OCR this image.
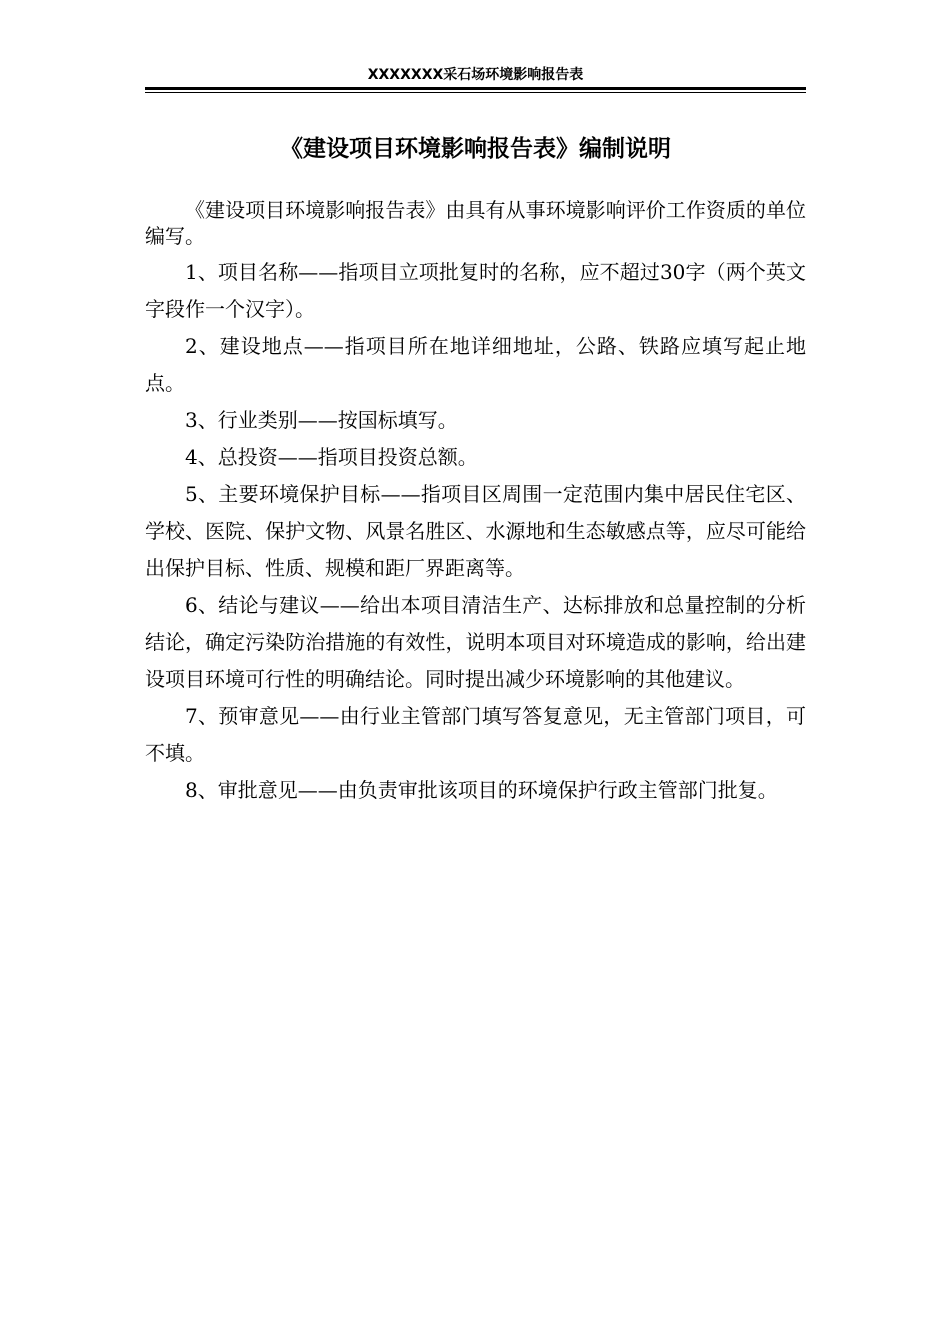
XXXXXXX采石场环境影响报告表
《建设项目环境影响报告表》编制说明

《建设项目环境影响报告表》由具有从事环境影响评价工作资质的单位编写。

1、项目名称——指项目立项批复时的名称，应不超过30字（两个英文字段作一个汉字）。

2、建设地点——指项目所在地详细地址，公路、铁路应填写起止地点。

3、行业类别——按国标填写。

4、总投资——指项目投资总额。

5、主要环境保护目标——指项目区周围一定范围内集中居民住宅区、学校、医院、保护文物、风景名胜区、水源地和生态敏感点等，应尽可能给出保护目标、性质、规模和距厂界距离等。

6、结论与建议——给出本项目清洁生产、达标排放和总量控制的分析结论，确定污染防治措施的有效性，说明本项目对环境造成的影响，给出建设项目环境可行性的明确结论。同时提出减少环境影响的其他建议。

7、预审意见——由行业主管部门填写答复意见，无主管部门项目，可不填。

8、审批意见——由负责审批该项目的环境保护行政主管部门批复。
